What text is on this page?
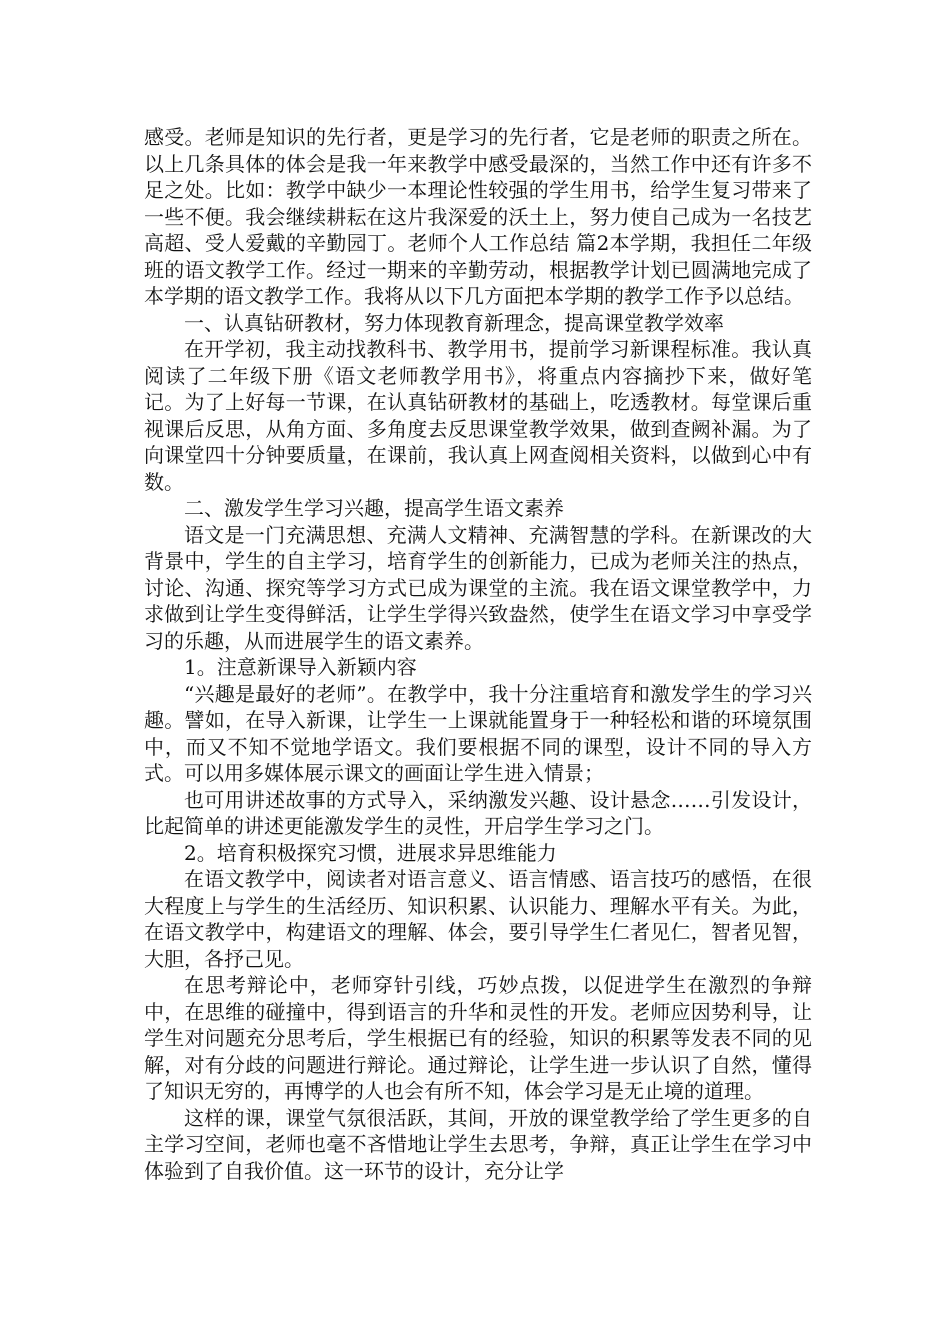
感受。老师是知识的先行者，更是学习的先行者，它是老师的职责之所在。以上几条具体的体会是我一年来教学中感受最深的，当然工作中还有许多不足之处。比如：教学中缺少一本理论性较强的学生用书，给学生复习带来了一些不便。我会继续耕耘在这片我深爱的沃土上，努力使自己成为一名技艺高超、受人爱戴的辛勤园丁。老师个人工作总结 篇2本学期，我担任二年级班的语文教学工作。经过一期来的辛勤劳动，根据教学计划已圆满地完成了本学期的语文教学工作。我将从以下几方面把本学期的教学工作予以总结。

一、认真钻研教材，努力体现教育新理念，提高课堂教学效率

在开学初，我主动找教科书、教学用书，提前学习新课程标准。我认真阅读了二年级下册《语文老师教学用书》，将重点内容摘抄下来，做好笔记。为了上好每一节课，在认真钻研教材的基础上，吃透教材。每堂课后重视课后反思，从角方面、多角度去反思课堂教学效果，做到查阙补漏。为了向课堂四十分钟要质量，在课前，我认真上网查阅相关资料，以做到心中有数。

二、激发学生学习兴趣，提高学生语文素养

语文是一门充满思想、充满人文精神、充满智慧的学科。在新课改的大背景中，学生的自主学习，培育学生的创新能力，已成为老师关注的热点，讨论、沟通、探究等学习方式已成为课堂的主流。我在语文课堂教学中，力求做到让学生变得鲜活，让学生学得兴致盎然，使学生在语文学习中享受学习的乐趣，从而进展学生的语文素养。

1。注意新课导入新颖内容

“兴趣是最好的老师”。在教学中，我十分注重培育和激发学生的学习兴趣。譬如，在导入新课，让学生一上课就能置身于一种轻松和谐的环境氛围中，而又不知不觉地学语文。我们要根据不同的课型，设计不同的导入方式。可以用多媒体展示课文的画面让学生进入情景；

也可用讲述故事的方式导入，采纳激发兴趣、设计悬念……引发设计，比起简单的讲述更能激发学生的灵性，开启学生学习之门。

2。培育积极探究习惯，进展求异思维能力

在语文教学中，阅读者对语言意义、语言情感、语言技巧的感悟，在很大程度上与学生的生活经历、知识积累、认识能力、理解水平有关。为此，在语文教学中，构建语文的理解、体会，要引导学生仁者见仁，智者见智，大胆，各抒己见。

在思考辩论中，老师穿针引线，巧妙点拨，以促进学生在激烈的争辩中，在思维的碰撞中，得到语言的升华和灵性的开发。老师应因势利导，让学生对问题充分思考后，学生根据已有的经验，知识的积累等发表不同的见解，对有分歧的问题进行辩论。通过辩论，让学生进一步认识了自然，懂得了知识无穷的，再博学的人也会有所不知，体会学习是无止境的道理。

这样的课，课堂气氛很活跃，其间，开放的课堂教学给了学生更多的自主学习空间，老师也毫不吝惜地让学生去思考，争辩，真正让学生在学习中体验到了自我价值。这一环节的设计，充分让学
